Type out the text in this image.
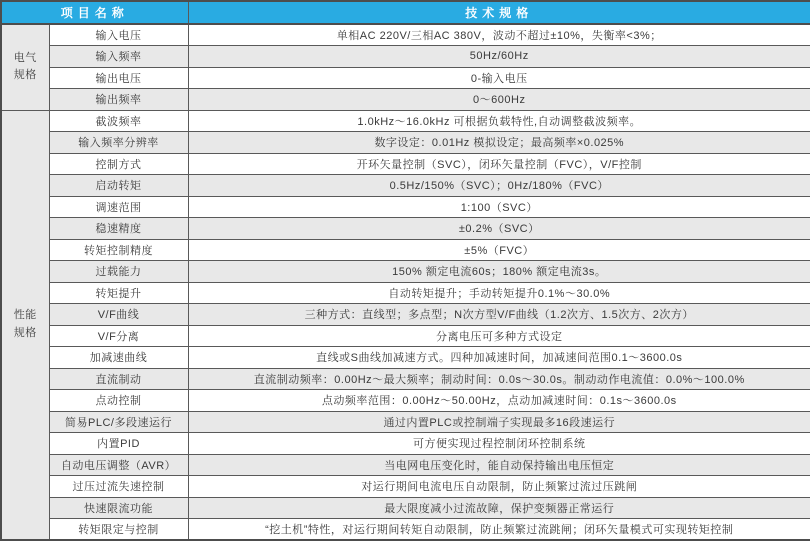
项目名称		技术规格

电气
规格	输入电压	单相AC 220V/三相AC 380V，波动不超过±10%，失衡率<3%；
	输入频率	50Hz/60Hz
	输出电压	0-输入电压
	输出频率	0～600Hz

性能
规格	截波频率	1.0kHz～16.0kHz 可根据负载特性,自动调整截波频率。
	输入频率分辨率	数字设定：0.01Hz 模拟设定；最高频率×0.025%
	控制方式	开环矢量控制（SVC），闭环矢量控制（FVC），V/F控制
	启动转矩	0.5Hz/150%（SVC）；0Hz/180%（FVC）
	调速范围	1:100（SVC）
	稳速精度	±0.2%（SVC）
	转矩控制精度	±5%（FVC）
	过载能力	150% 额定电流60s；180% 额定电流3s。
	转矩提升	自动转矩提升；手动转矩提升0.1%～30.0%
	V/F曲线	三种方式：直线型；多点型；N次方型V/F曲线（1.2次方、1.5次方、2次方）
	V/F分离	分离电压可多种方式设定
	加减速曲线	直线或S曲线加减速方式。四种加减速时间，加减速间范围0.1～3600.0s
	直流制动	直流制动频率：0.00Hz～最大频率；制动时间：0.0s～30.0s。制动动作电流值：0.0%～100.0%
	点动控制	点动频率范围：0.00Hz～50.00Hz，点动加减速时间：0.1s～3600.0s
	简易PLC/多段速运行	通过内置PLC或控制端子实现最多16段速运行
	内置PID	可方便实现过程控制闭环控制系统
	自动电压调整（AVR）	当电网电压变化时，能自动保持输出电压恒定
	过压过流失速控制	对运行期间电流电压自动限制，防止频繁过流过压跳闸
	快速限流功能	最大限度减小过流故障，保护变频器正常运行
	转矩限定与控制	“挖土机”特性，对运行期间转矩自动限制，防止频繁过流跳闸；闭环矢量模式可实现转矩控制
